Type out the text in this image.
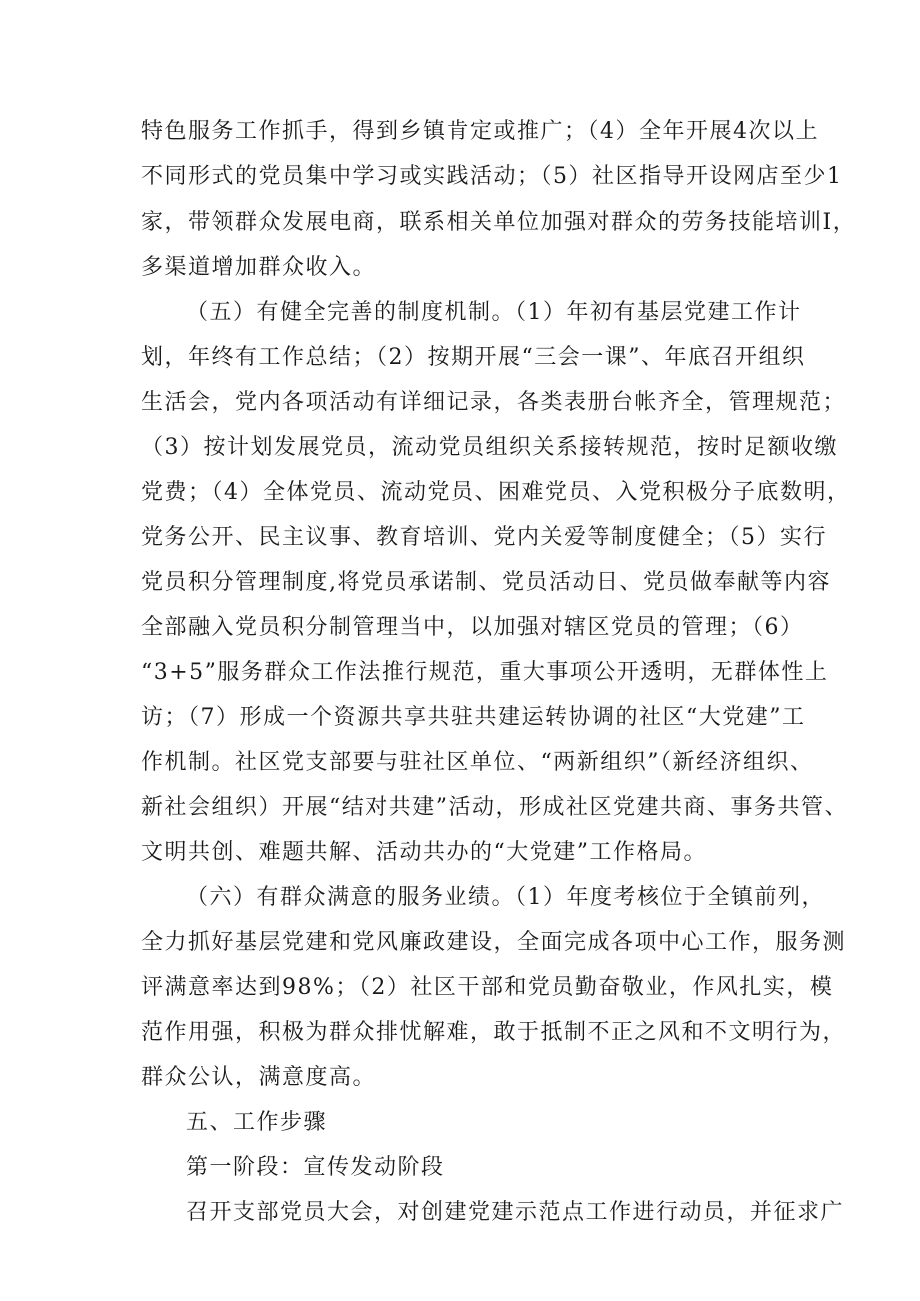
特色服务工作抓手，得到乡镇肯定或推广；（4）全年开展4次以上

不同形式的党员集中学习或实践活动；（5）社区指导开设网店至少1

家，带领群众发展电商，联系相关单位加强对群众的劳务技能培训Ⅰ，

多渠道增加群众收入。

（五）有健全完善的制度机制。（1）年初有基层党建工作计

划，年终有工作总结；（2）按期开展“三会一课”、年底召开组织

生活会，党内各项活动有详细记录，各类表册台帐齐全，管理规范；

（3）按计划发展党员，流动党员组织关系接转规范，按时足额收缴

党费；（4）全体党员、流动党员、困难党员、入党积极分子底数明，

党务公开、民主议事、教育培训、党内关爱等制度健全；（5）实行

党员积分管理制度,将党员承诺制、党员活动日、党员做奉献等内容

全部融入党员积分制管理当中，以加强对辖区党员的管理；（6）

“3+5”服务群众工作法推行规范，重大事项公开透明，无群体性上

访；（7）形成一个资源共享共驻共建运转协调的社区“大党建”工

作机制。社区党支部要与驻社区单位、“两新组织”（新经济组织、

新社会组织）开展“结对共建”活动，形成社区党建共商、事务共管、

文明共创、难题共解、活动共办的“大党建”工作格局。

（六）有群众满意的服务业绩。（1）年度考核位于全镇前列，

全力抓好基层党建和党风廉政建设，全面完成各项中心工作，服务测

评满意率达到98%；（2）社区干部和党员勤奋敬业，作风扎实，模

范作用强，积极为群众排忧解难，敢于抵制不正之风和不文明行为，

群众公认，满意度高。

五、工作步骤

第一阶段：宣传发动阶段

召开支部党员大会，对创建党建示范点工作进行动员，并征求广
